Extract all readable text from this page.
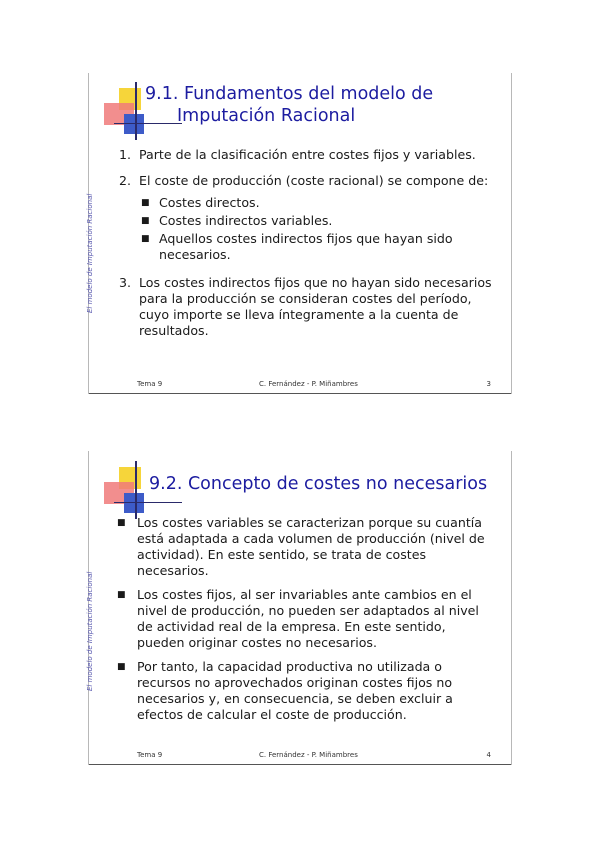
9.1. Fundamentos del modelo de
Imputación Racional
El modelo de Imputación Racional
1. Parte de la clasificación entre costes fijos y variables.
2. El coste de producción (coste racional) se compone de:
■ Costes directos.
■ Costes indirectos variables.
■ Aquellos costes indirectos fijos que hayan sido necesarios.
3. Los costes indirectos fijos que no hayan sido necesarios para la producción se consideran costes del período, cuyo importe se lleva íntegramente a la cuenta de resultados.
Tema 9	C. Fernández - P. Miñambres	3
9.2. Concepto de costes no necesarios
El modelo de Imputación Racional
■ Los costes variables se caracterizan porque su cuantía está adaptada a cada volumen de producción (nivel de actividad). En este sentido, se trata de costes necesarios.
■ Los costes fijos, al ser invariables ante cambios en el nivel de producción, no pueden ser adaptados al nivel de actividad real de la empresa. En este sentido, pueden originar costes no necesarios.
■ Por tanto, la capacidad productiva no utilizada o recursos no aprovechados originan costes fijos no necesarios y, en consecuencia, se deben excluir a efectos de calcular el coste de producción.
Tema 9	C. Fernández - P. Miñambres	4
